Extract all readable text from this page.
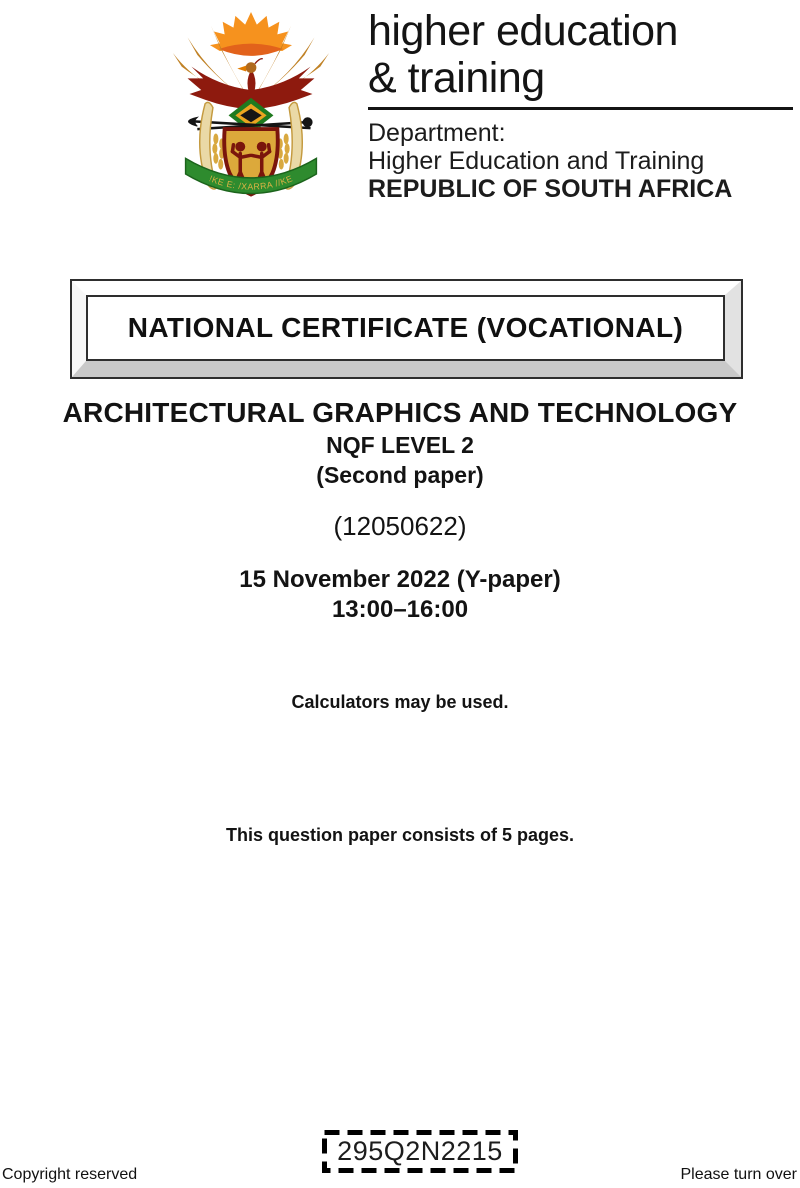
!KE E: /XARRA //KE
higher education
& training
Department:
Higher Education and Training
REPUBLIC OF SOUTH AFRICA
NATIONAL CERTIFICATE (VOCATIONAL)
ARCHITECTURAL GRAPHICS AND TECHNOLOGY
NQF LEVEL 2
(Second paper)
(12050622)
15 November 2022 (Y-paper)
13:00–16:00
Calculators may be used.
This question paper consists of 5 pages.
295Q2N2215
Copyright reserved	Please turn over
